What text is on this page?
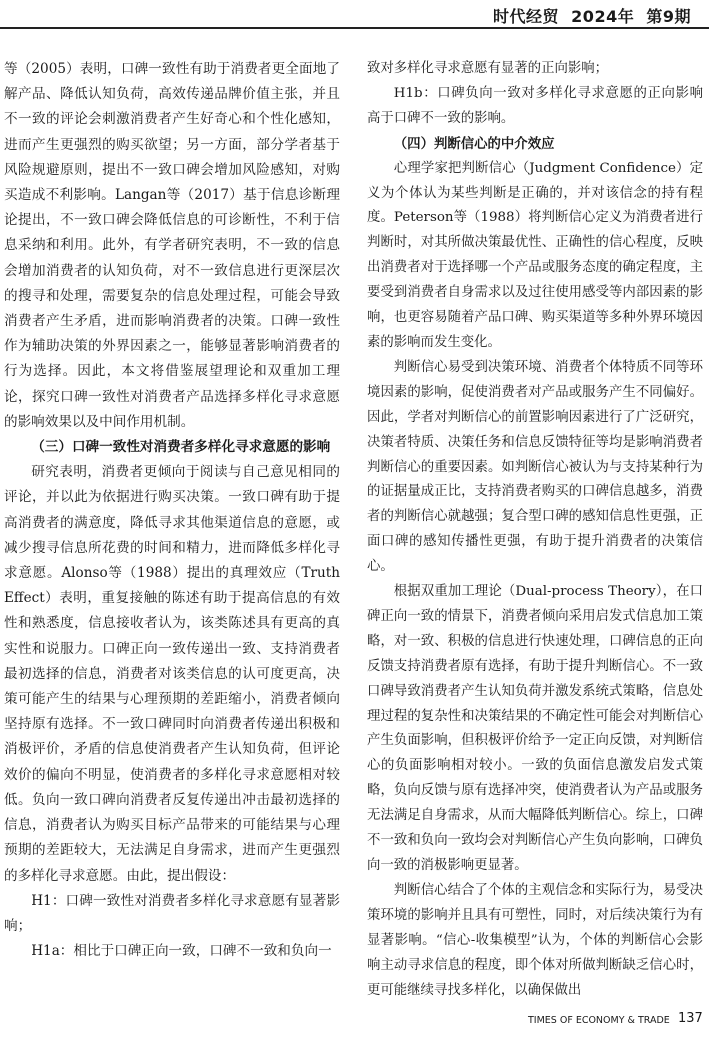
时代经贸 2024年 第9期

等（2005）表明，口碑一致性有助于消费者更全面地了解产品、降低认知负荷，高效传递品牌价值主张，并且不一致的评论会刺激消费者产生好奇心和个性化感知，进而产生更强烈的购买欲望；另一方面，部分学者基于风险规避原则，提出不一致口碑会增加风险感知，对购买造成不利影响。Langan等（2017）基于信息诊断理论提出，不一致口碑会降低信息的可诊断性，不利于信息采纳和利用。此外，有学者研究表明，不一致的信息会增加消费者的认知负荷，对不一致信息进行更深层次的搜寻和处理，需要复杂的信息处理过程，可能会导致消费者产生矛盾，进而影响消费者的决策。口碑一致性作为辅助决策的外界因素之一，能够显著影响消费者的行为选择。因此，本文将借鉴展望理论和双重加工理论，探究口碑一致性对消费者产品选择多样化寻求意愿的影响效果以及中间作用机制。

（三）口碑一致性对消费者多样化寻求意愿的影响

研究表明，消费者更倾向于阅读与自己意见相同的评论，并以此为依据进行购买决策。一致口碑有助于提高消费者的满意度，降低寻求其他渠道信息的意愿，或减少搜寻信息所花费的时间和精力，进而降低多样化寻求意愿。Alonso等（1988）提出的真理效应（Truth Effect）表明，重复接触的陈述有助于提高信息的有效性和熟悉度，信息接收者认为，该类陈述具有更高的真实性和说服力。口碑正向一致传递出一致、支持消费者最初选择的信息，消费者对该类信息的认可度更高，决策可能产生的结果与心理预期的差距缩小，消费者倾向坚持原有选择。不一致口碑同时向消费者传递出积极和消极评价，矛盾的信息使消费者产生认知负荷，但评论效价的偏向不明显，使消费者的多样化寻求意愿相对较低。负向一致口碑向消费者反复传递出冲击最初选择的信息，消费者认为购买目标产品带来的可能结果与心理预期的差距较大，无法满足自身需求，进而产生更强烈的多样化寻求意愿。由此，提出假设：

H1：口碑一致性对消费者多样化寻求意愿有显著影响；

H1a：相比于口碑正向一致，口碑不一致和负向一

致对多样化寻求意愿有显著的正向影响；

H1b：口碑负向一致对多样化寻求意愿的正向影响高于口碑不一致的影响。

（四）判断信心的中介效应

心理学家把判断信心（Judgment Confidence）定义为个体认为某些判断是正确的，并对该信念的持有程度。Peterson等（1988）将判断信心定义为消费者进行判断时，对其所做决策最优性、正确性的信心程度，反映出消费者对于选择哪一个产品或服务态度的确定程度，主要受到消费者自身需求以及过往使用感受等内部因素的影响，也更容易随着产品口碑、购买渠道等多种外界环境因素的影响而发生变化。

判断信心易受到决策环境、消费者个体特质不同等环境因素的影响，促使消费者对产品或服务产生不同偏好。因此，学者对判断信心的前置影响因素进行了广泛研究，决策者特质、决策任务和信息反馈特征等均是影响消费者判断信心的重要因素。如判断信心被认为与支持某种行为的证据量成正比，支持消费者购买的口碑信息越多，消费者的判断信心就越强；复合型口碑的感知信息性更强，正面口碑的感知传播性更强，有助于提升消费者的决策信心。

根据双重加工理论（Dual-process Theory），在口碑正向一致的情景下，消费者倾向采用启发式信息加工策略，对一致、积极的信息进行快速处理，口碑信息的正向反馈支持消费者原有选择，有助于提升判断信心。不一致口碑导致消费者产生认知负荷并激发系统式策略，信息处理过程的复杂性和决策结果的不确定性可能会对判断信心产生负面影响，但积极评价给予一定正向反馈，对判断信心的负面影响相对较小。一致的负面信息激发启发式策略，负向反馈与原有选择冲突，使消费者认为产品或服务无法满足自身需求，从而大幅降低判断信心。综上，口碑不一致和负向一致均会对判断信心产生负向影响，口碑负向一致的消极影响更显著。

判断信心结合了个体的主观信念和实际行为，易受决策环境的影响并且具有可塑性，同时，对后续决策行为有显著影响。“信心-收集模型”认为，个体的判断信心会影响主动寻求信息的程度，即个体对所做判断缺乏信心时，更可能继续寻找多样化，以确保做出

TIMES OF ECONOMY & TRADE 137
